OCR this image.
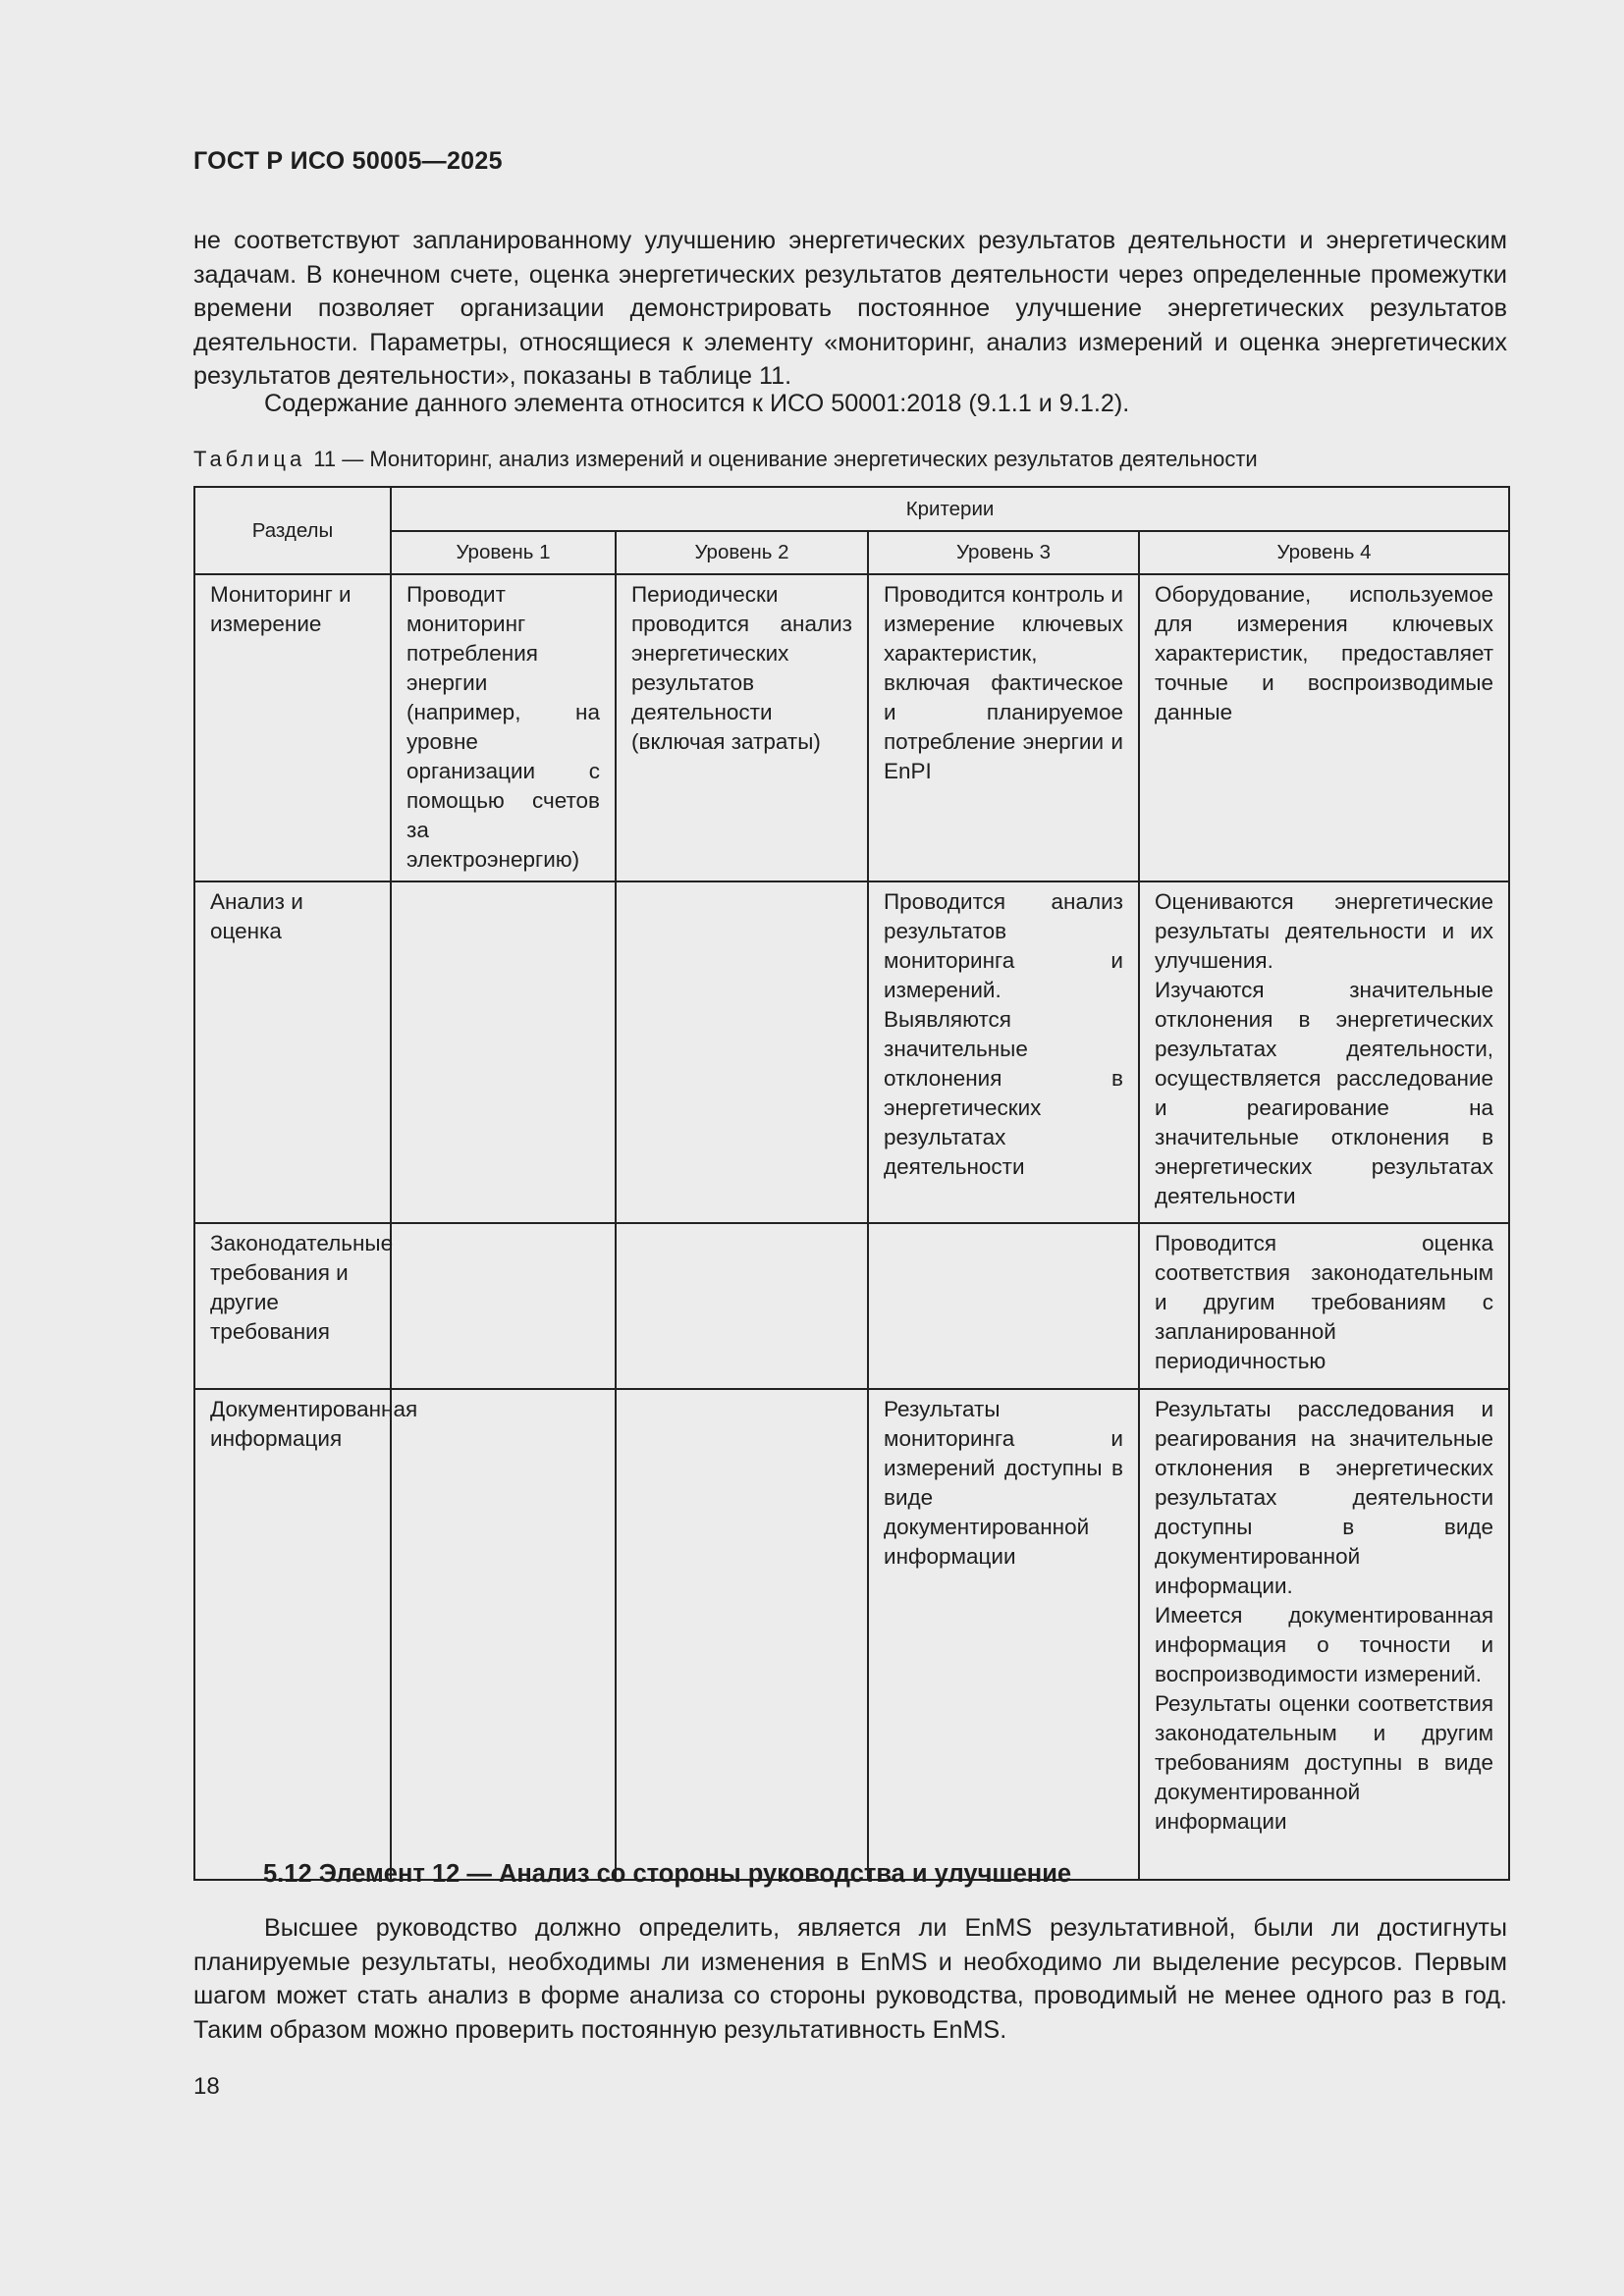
ГОСТ Р ИСО 50005—2025

не соответствуют запланированному улучшению энергетических результатов деятельности и энергетическим задачам. В конечном счете, оценка энергетических результатов деятельности через определенные промежутки времени позволяет организации демонстрировать постоянное улучшение энергетических результатов деятельности. Параметры, относящиеся к элементу «мониторинг, анализ измерений и оценка энергетических результатов деятельности», показаны в таблице 11.

Содержание данного элемента относится к ИСО 50001:2018 (9.1.1 и 9.1.2).

Таблица 11 — Мониторинг, анализ измерений и оценивание энергетических результатов деятельности
Разделы	Критерии			
	Уровень 1	Уровень 2	Уровень 3	Уровень 4
Мониторинг и измерение	Проводит мониторинг потребления энергии (например, на уровне организации с помощью счетов за электроэнергию)	Периодически проводится анализ энергетических результатов деятельности (включая затраты)	Проводится контроль и измерение ключевых характеристик, включая фактическое и планируемое потребление энергии и EnPI	Оборудование, используемое для измерения ключевых характеристик, предоставляет точные и воспроизводимые данные

Анализ и оценка			Проводится анализ результатов мониторинга и измерений.
Выявляются значительные отклонения в энергетических результатах деятельности	Оцениваются энергетические результаты деятельности и их улучшения.
Изучаются значительные отклонения в энергетических результатах деятельности, осуществляется расследование и реагирование на значительные отклонения в энергетических результатах деятельности

Законодательные требования и другие требования				Проводится оценка соответствия законодательным и другим требованиям с запланированной периодичностью

Документированная информация			Результаты мониторинга и измерений доступны в виде документированной информации	Результаты расследования и реагирования на значительные отклонения в энергетических результатах деятельности доступны в виде документированной информации.
Имеется документированная информация о точности и воспроизводимости измерений.
Результаты оценки соответствия законодательным и другим требованиям доступны в виде документированной информации

5.12 Элемент 12 — Анализ со стороны руководства и улучшение

Высшее руководство должно определить, является ли EnMS результативной, были ли достигнуты планируемые результаты, необходимы ли изменения в EnMS и необходимо ли выделение ресурсов. Первым шагом может стать анализ в форме анализа со стороны руководства, проводимый не менее одного раз в год. Таким образом можно проверить постоянную результативность EnMS.

18
